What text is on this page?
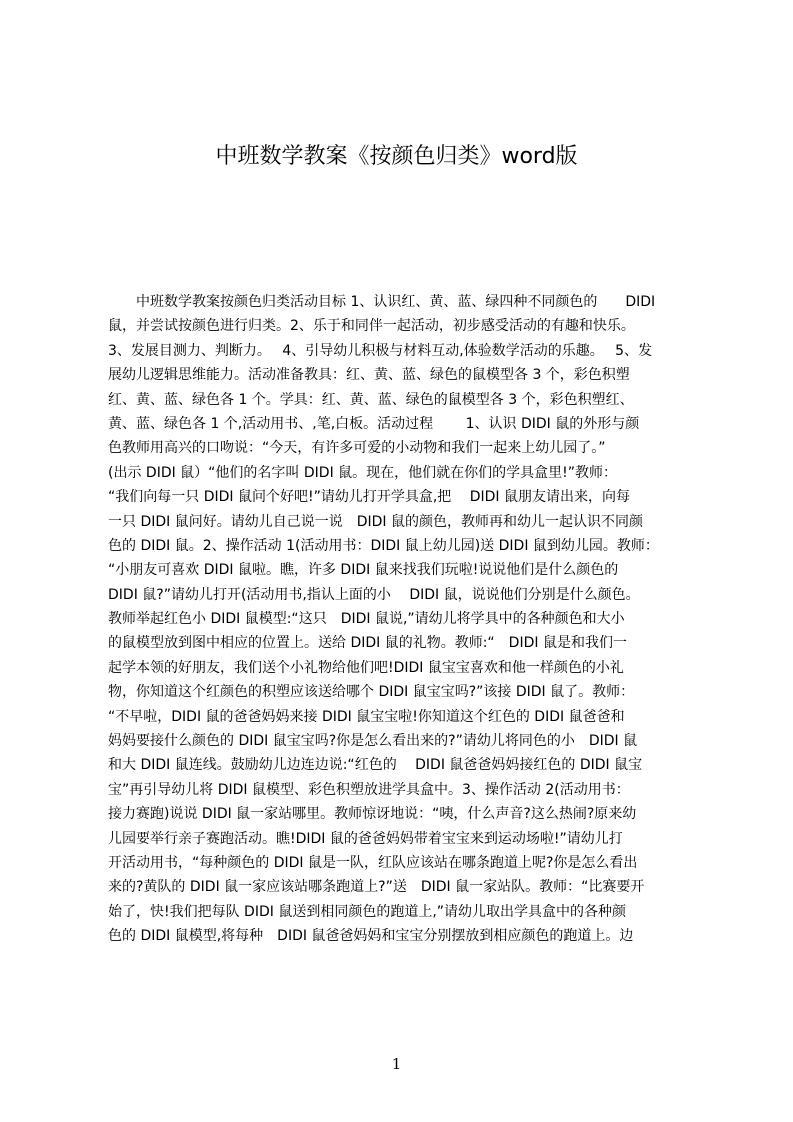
中班数学教案《按颜色归类》word版
　　中班数学教案按颜色归类活动目标 1、认识红、黄、蓝、绿四种不同颜色的　　DIDI
鼠，并尝试按颜色进行归类。2、乐于和同伴一起活动，初步感受活动的有趣和快乐。
3、发展目测力、判断力。　 4、引导幼儿积极与材料互动,体验数学活动的乐趣。　 5、发
展幼儿逻辑思维能力。活动准备教具：红、黄、蓝、绿色的鼠模型各 3 个，彩色积塑
红、黄、蓝、绿色各 1 个。学具：红、黄、蓝、绿色的鼠模型各 3 个，彩色积塑红、
黄、蓝、绿色各 1 个,活动用书、,笔,白板。活动过程　　 1、认识 DIDI 鼠的外形与颜
色教师用高兴的口吻说：“今天，有许多可爱的小动物和我们一起来上幼儿园了。”
(出示 DIDI 鼠）“他们的名字叫 DIDI 鼠。现在，他们就在你们的学具盒里!”教师：
“我们向每一只 DIDI 鼠问个好吧!”请幼儿打开学具盒,把　 DIDI 鼠朋友请出来，向每
一只 DIDI 鼠问好。请幼儿自己说一说　DIDI 鼠的颜色，教师再和幼儿一起认识不同颜
色的 DIDI 鼠。2、操作活动 1(活动用书：DIDI 鼠上幼儿园)送 DIDI 鼠到幼儿园。教师：
“小朋友可喜欢 DIDI 鼠啦。瞧，许多 DIDI 鼠来找我们玩啦!说说他们是什么颜色的
DIDI 鼠?”请幼儿打开(活动用书,指认上面的小　 DIDI 鼠，说说他们分别是什么颜色。
教师举起红色小 DIDI 鼠模型:“这只　DIDI 鼠说,”请幼儿将学具中的各种颜色和大小
的鼠模型放到图中相应的位置上。送给 DIDI 鼠的礼物。教师:“　DIDI 鼠是和我们一
起学本领的好朋友，我们送个小礼物给他们吧!DIDI 鼠宝宝喜欢和他一样颜色的小礼
物，你知道这个红颜色的积塑应该送给哪个 DIDI 鼠宝宝吗?”该接 DIDI 鼠了。教师：
“不早啦，DIDI 鼠的爸爸妈妈来接 DIDI 鼠宝宝啦!你知道这个红色的 DIDI 鼠爸爸和
妈妈要接什么颜色的 DIDI 鼠宝宝吗?你是怎么看出来的?”请幼儿将同色的小　DIDI 鼠
和大 DIDI 鼠连线。鼓励幼儿边连边说:“红色的　 DIDI 鼠爸爸妈妈接红色的 DIDI 鼠宝
宝”再引导幼儿将 DIDI 鼠模型、彩色积塑放进学具盒中。3、操作活动 2(活动用书：
接力赛跑)说说 DIDI 鼠一家站哪里。教师惊讶地说：“咦，什么声音?这么热闹?原来幼
儿园要举行亲子赛跑活动。瞧!DIDI 鼠的爸爸妈妈带着宝宝来到运动场啦!”请幼儿打
开活动用书，“每种颜色的 DIDI 鼠是一队，红队应该站在哪条跑道上呢?你是怎么看出
来的?黄队的 DIDI 鼠一家应该站哪条跑道上?”送　DIDI 鼠一家站队。教师：“比赛要开
始了，快!我们把每队 DIDI 鼠送到相同颜色的跑道上,”请幼儿取出学具盒中的各种颜
色的 DIDI 鼠模型,将每种　DIDI 鼠爸爸妈妈和宝宝分别摆放到相应颜色的跑道上。边
1
